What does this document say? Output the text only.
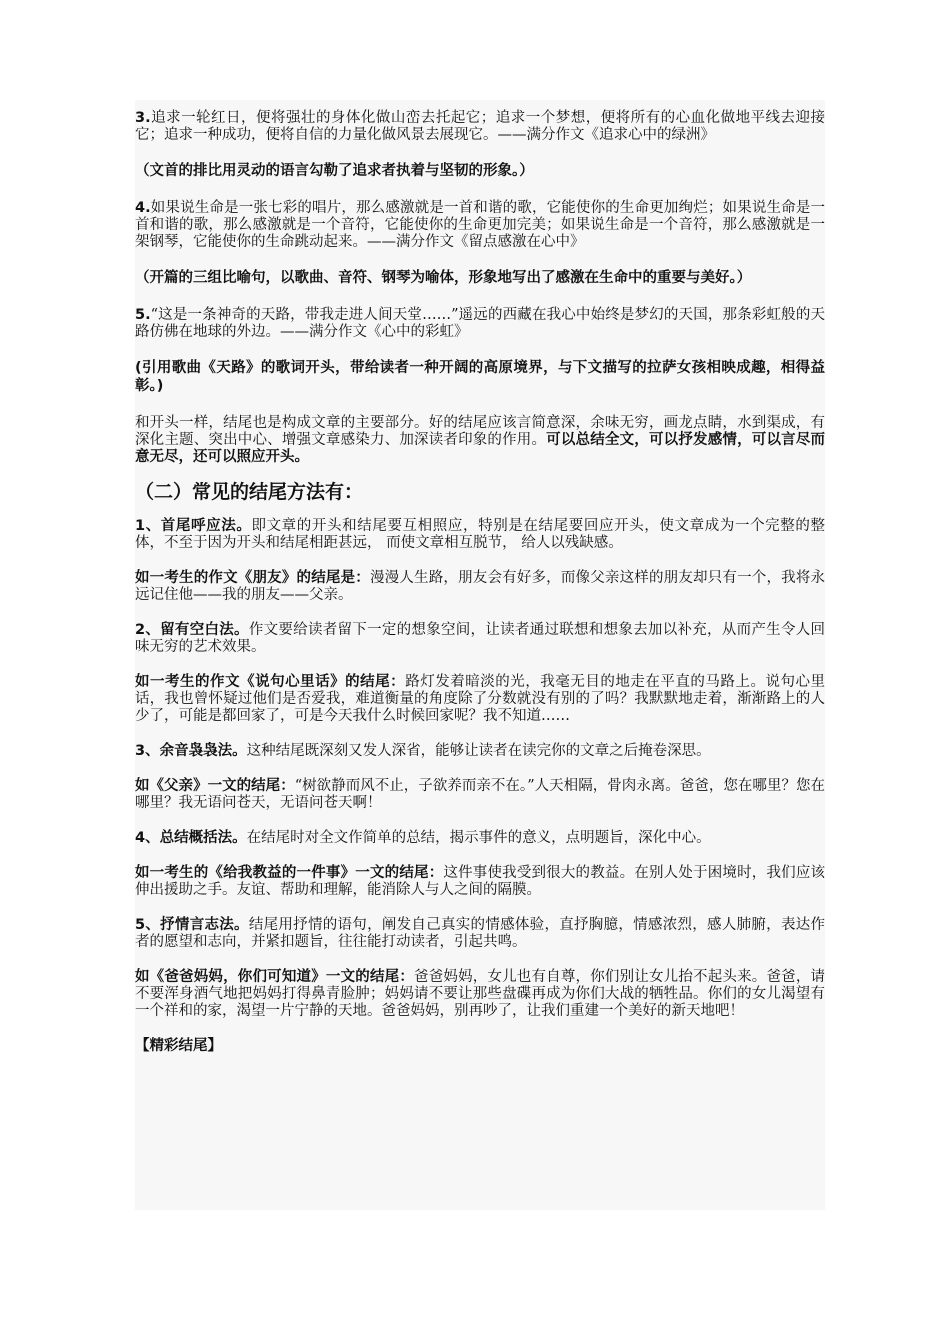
3.追求一轮红日，便将强壮的身体化做山峦去托起它；追求一个梦想，便将所有的心血化做地平线去迎接它；追求一种成功，便将自信的力量化做风景去展现它。——满分作文《追求心中的绿洲》

（文首的排比用灵动的语言勾勒了追求者执着与坚韧的形象。）

4.如果说生命是一张七彩的唱片，那么感激就是一首和谐的歌，它能使你的生命更加绚烂；如果说生命是一首和谐的歌，那么感激就是一个音符，它能使你的生命更加完美；如果说生命是一个音符，那么感激就是一架钢琴，它能使你的生命跳动起来。——满分作文《留点感激在心中》

（开篇的三组比喻句，以歌曲、音符、钢琴为喻体，形象地写出了感激在生命中的重要与美好。）

5.“这是一条神奇的天路，带我走进人间天堂……”遥远的西藏在我心中始终是梦幻的天国，那条彩虹般的天路仿佛在地球的外边。——满分作文《心中的彩虹》

(引用歌曲《天路》的歌词开头，带给读者一种开阔的高原境界，与下文描写的拉萨女孩相映成趣，相得益彰。)

和开头一样，结尾也是构成文章的主要部分。好的结尾应该言简意深，余味无穷，画龙点睛，水到渠成，有深化主题、突出中心、增强文章感染力、加深读者印象的作用。可以总结全文，可以抒发感情，可以言尽而意无尽，还可以照应开头。

（二）常见的结尾方法有：

1、首尾呼应法。即文章的开头和结尾要互相照应，特别是在结尾要回应开头，使文章成为一个完整的整体，不至于因为开头和结尾相距甚远， 而使文章相互脱节， 给人以残缺感。

如一考生的作文《朋友》的结尾是：漫漫人生路，朋友会有好多，而像父亲这样的朋友却只有一个，我将永远记住他——我的朋友——父亲。

2、留有空白法。作文要给读者留下一定的想象空间，让读者通过联想和想象去加以补充，从而产生令人回味无穷的艺术效果。

如一考生的作文《说句心里话》的结尾：路灯发着暗淡的光，我毫无目的地走在平直的马路上。说句心里话，我也曾怀疑过他们是否爱我，难道衡量的角度除了分数就没有别的了吗？我默默地走着，渐渐路上的人少了，可能是都回家了，可是今天我什么时候回家呢？我不知道……

3、余音袅袅法。这种结尾既深刻又发人深省，能够让读者在读完你的文章之后掩卷深思。

如《父亲》一文的结尾：“树欲静而风不止，子欲养而亲不在。”人天相隔，骨肉永离。爸爸，您在哪里？您在哪里？我无语问苍天，无语问苍天啊！

4、总结概括法。在结尾时对全文作简单的总结，揭示事件的意义，点明题旨，深化中心。

如一考生的《给我教益的一件事》一文的结尾：这件事使我受到很大的教益。在别人处于困境时，我们应该伸出援助之手。友谊、帮助和理解，能消除人与人之间的隔膜。

5、抒情言志法。结尾用抒情的语句，阐发自己真实的情感体验，直抒胸臆，情感浓烈，感人肺腑，表达作者的愿望和志向，并紧扣题旨，往往能打动读者，引起共鸣。

如《爸爸妈妈，你们可知道》一文的结尾：爸爸妈妈，女儿也有自尊，你们别让女儿抬不起头来。爸爸，请不要浑身酒气地把妈妈打得鼻青脸肿；妈妈请不要让那些盘碟再成为你们大战的牺牲品。你们的女儿渴望有一个祥和的家，渴望一片宁静的天地。爸爸妈妈，别再吵了，让我们重建一个美好的新天地吧！

【精彩结尾】
